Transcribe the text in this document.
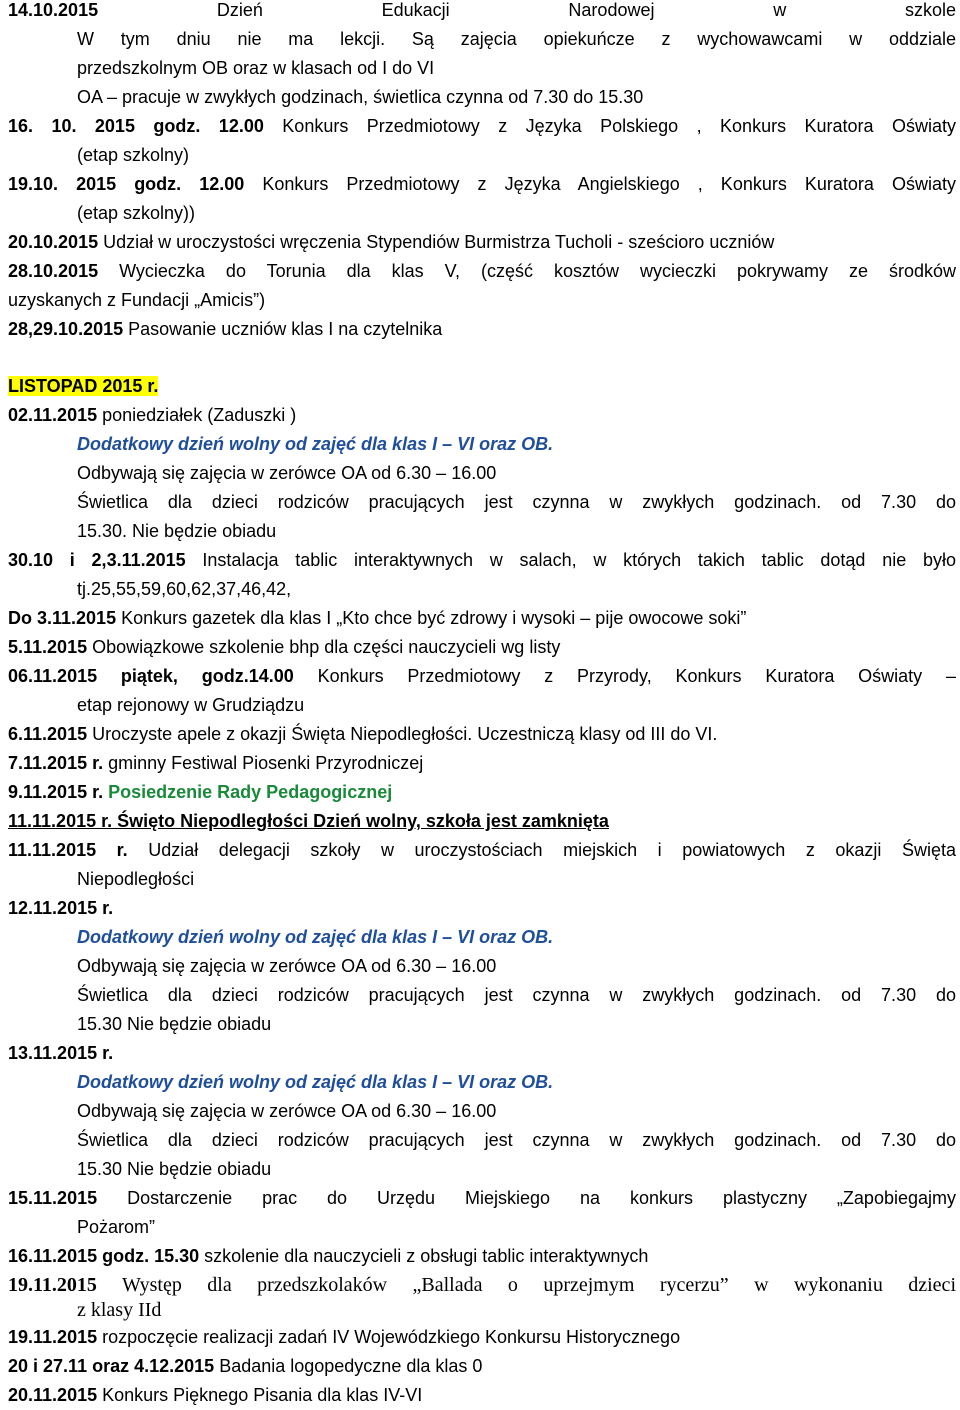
14.10.2015	Dzień Edukacji Narodowej w szkole
W tym dniu nie ma lekcji. Są zajęcia opiekuńcze z wychowawcami w oddziale
przedszkolnym OB oraz w klasach od I do VI
OA – pracuje w zwykłych godzinach, świetlica czynna od 7.30 do 15.30
16. 10. 2015 godz. 12.00 Konkurs Przedmiotowy z Języka Polskiego , Konkurs Kuratora Oświaty
(etap szkolny)
19.10. 2015 godz. 12.00 Konkurs Przedmiotowy z Języka Angielskiego , Konkurs Kuratora Oświaty
(etap szkolny))
20.10.2015 Udział w uroczystości wręczenia Stypendiów Burmistrza Tucholi - sześcioro uczniów
28.10.2015 Wycieczka do Torunia dla klas V, (część kosztów wycieczki pokrywamy ze środków
uzyskanych z Fundacji „Amicis”)
28,29.10.2015 Pasowanie uczniów klas I na czytelnika
LISTOPAD 2015 r.
02.11.2015 poniedziałek (Zaduszki )
Dodatkowy dzień wolny od zajęć dla klas I – VI oraz OB.
Odbywają się zajęcia w zerówce OA od 6.30 – 16.00
Świetlica dla dzieci rodziców pracujących jest czynna w zwykłych godzinach. od 7.30 do
15.30. Nie będzie obiadu
30.10 i 2,3.11.2015 Instalacja tablic interaktywnych w salach, w których takich tablic dotąd nie było
tj.25,55,59,60,62,37,46,42,
Do 3.11.2015 Konkurs gazetek dla klas I „Kto chce być zdrowy i wysoki – pije owocowe soki”
5.11.2015 Obowiązkowe szkolenie bhp dla części nauczycieli wg listy
06.11.2015 piątek, godz.14.00 Konkurs Przedmiotowy z Przyrody, Konkurs Kuratora Oświaty –
etap rejonowy w Grudziądzu
6.11.2015 Uroczyste apele z okazji Święta Niepodległości. Uczestniczą klasy od III do VI.
7.11.2015 r. gminny Festiwal Piosenki Przyrodniczej
9.11.2015 r. Posiedzenie Rady Pedagogicznej
11.11.2015 r. Święto Niepodległości Dzień wolny, szkoła jest zamknięta
11.11.2015 r. Udział delegacji szkoły w uroczystościach miejskich i powiatowych z okazji Święta
Niepodległości
12.11.2015 r.
Dodatkowy dzień wolny od zajęć dla klas I – VI oraz OB.
Odbywają się zajęcia w zerówce OA od 6.30 – 16.00
Świetlica dla dzieci rodziców pracujących jest czynna w zwykłych godzinach. od 7.30 do
15.30 Nie będzie obiadu
13.11.2015 r.
Dodatkowy dzień wolny od zajęć dla klas I – VI oraz OB.
Odbywają się zajęcia w zerówce OA od 6.30 – 16.00
Świetlica dla dzieci rodziców pracujących jest czynna w zwykłych godzinach. od 7.30 do
15.30 Nie będzie obiadu
15.11.2015 Dostarczenie prac do Urzędu Miejskiego na konkurs plastyczny „Zapobiegajmy
Pożarom”
16.11.2015 godz. 15.30 szkolenie dla nauczycieli z obsługi tablic interaktywnych
19.11.2015 Występ dla przedszkolaków „Ballada o uprzejmym rycerzu” w wykonaniu dzieci
z klasy IId
19.11.2015 rozpoczęcie realizacji zadań IV Wojewódzkiego Konkursu Historycznego
20 i 27.11 oraz 4.12.2015 Badania logopedyczne dla klas 0
20.11.2015 Konkurs Pięknego Pisania dla klas IV-VI
